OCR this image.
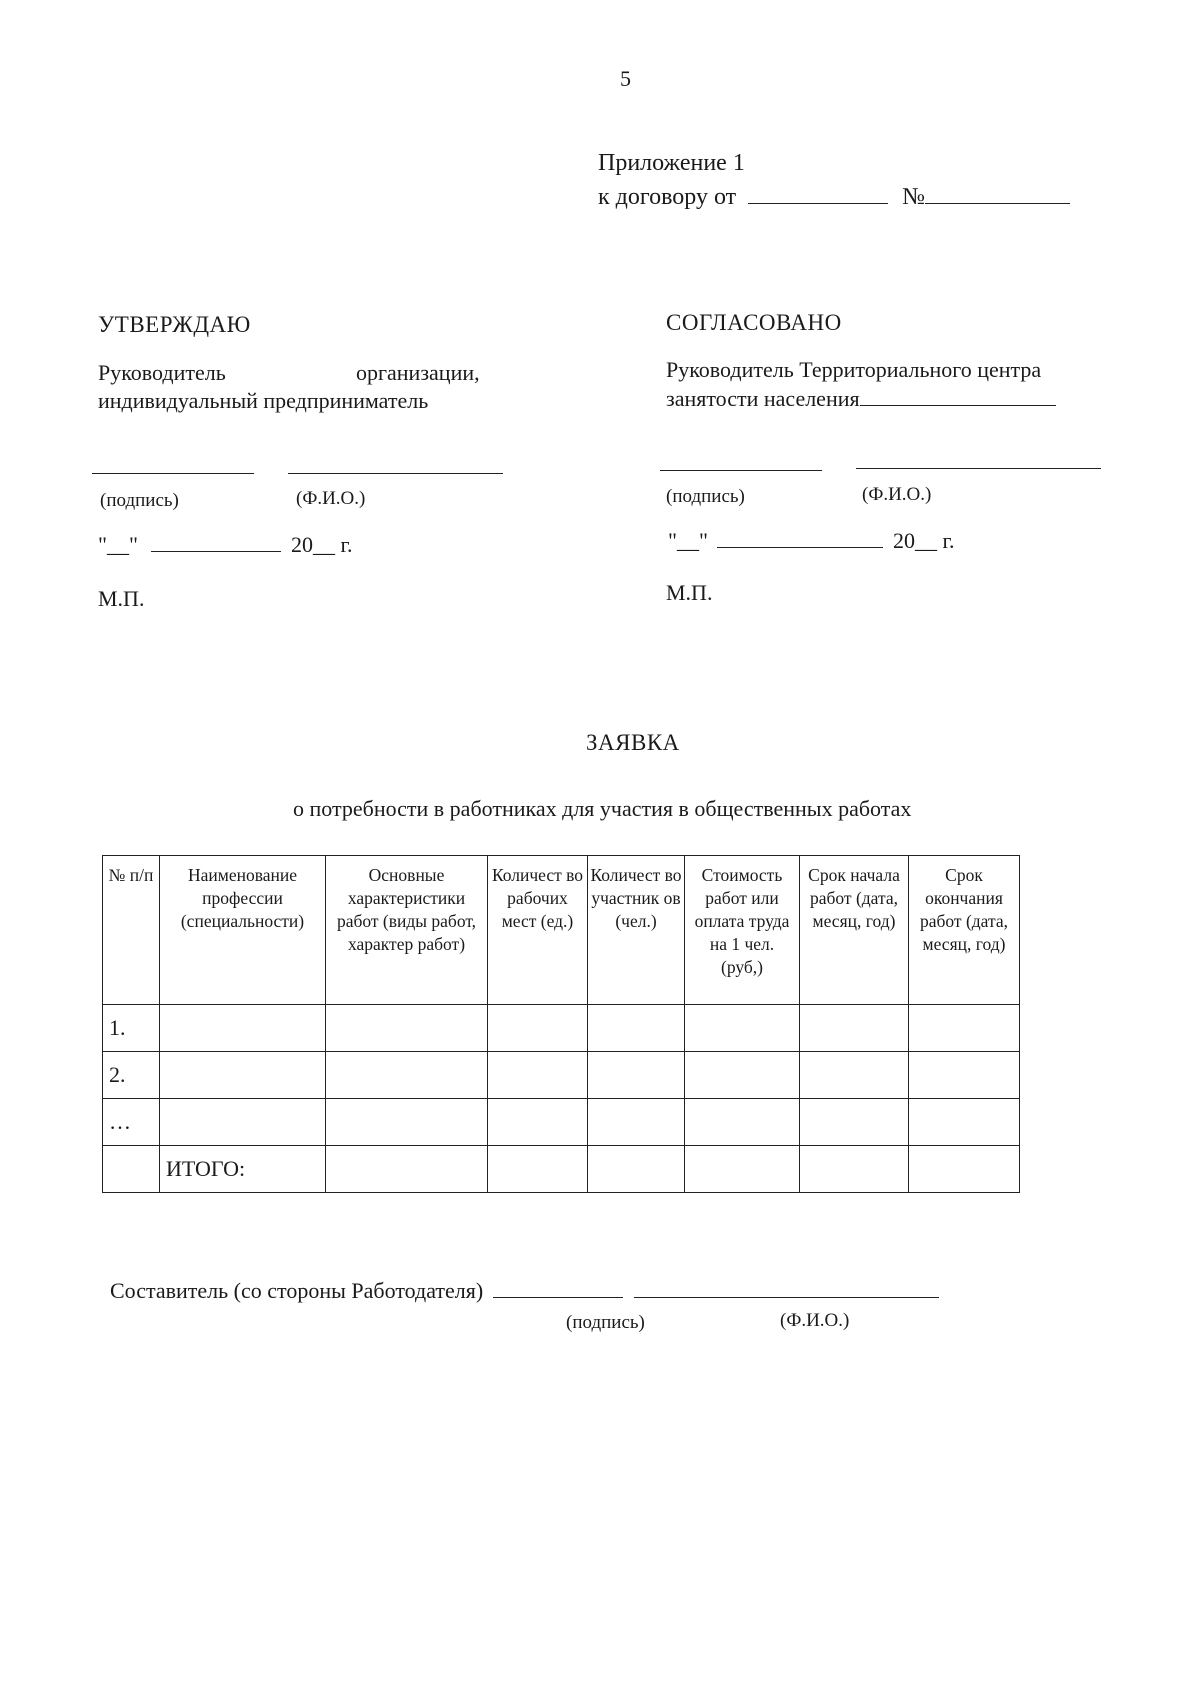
5
Приложение 1
к договору от	№
УТВЕРЖДАЮ
Руководитель	организации,
индивидуальный предприниматель
(подпись)	(Ф.И.О.)
"__"	20__ г.
М.П.
СОГЛАСОВАНО
Руководитель Территориального центра
занятости населения
(подпись)	(Ф.И.О.)
"__"	20__ г.
М.П.
ЗАЯВКА
о потребности в работниках для участия в общественных работах
№ п/п	Наименование профессии (специальности)	Основные характеристики работ (виды работ, характер работ)	Количест во рабочих мест (ед.)	Количест во участник ов (чел.)	Стоимость работ или оплата труда на 1 чел. (руб,)	Срок начала работ (дата, месяц, год)	Срок окончания работ (дата, месяц, год)
1.							
2.							
…							
	ИТОГО:						
Составитель (со стороны Работодателя)
(подпись)	(Ф.И.О.)
